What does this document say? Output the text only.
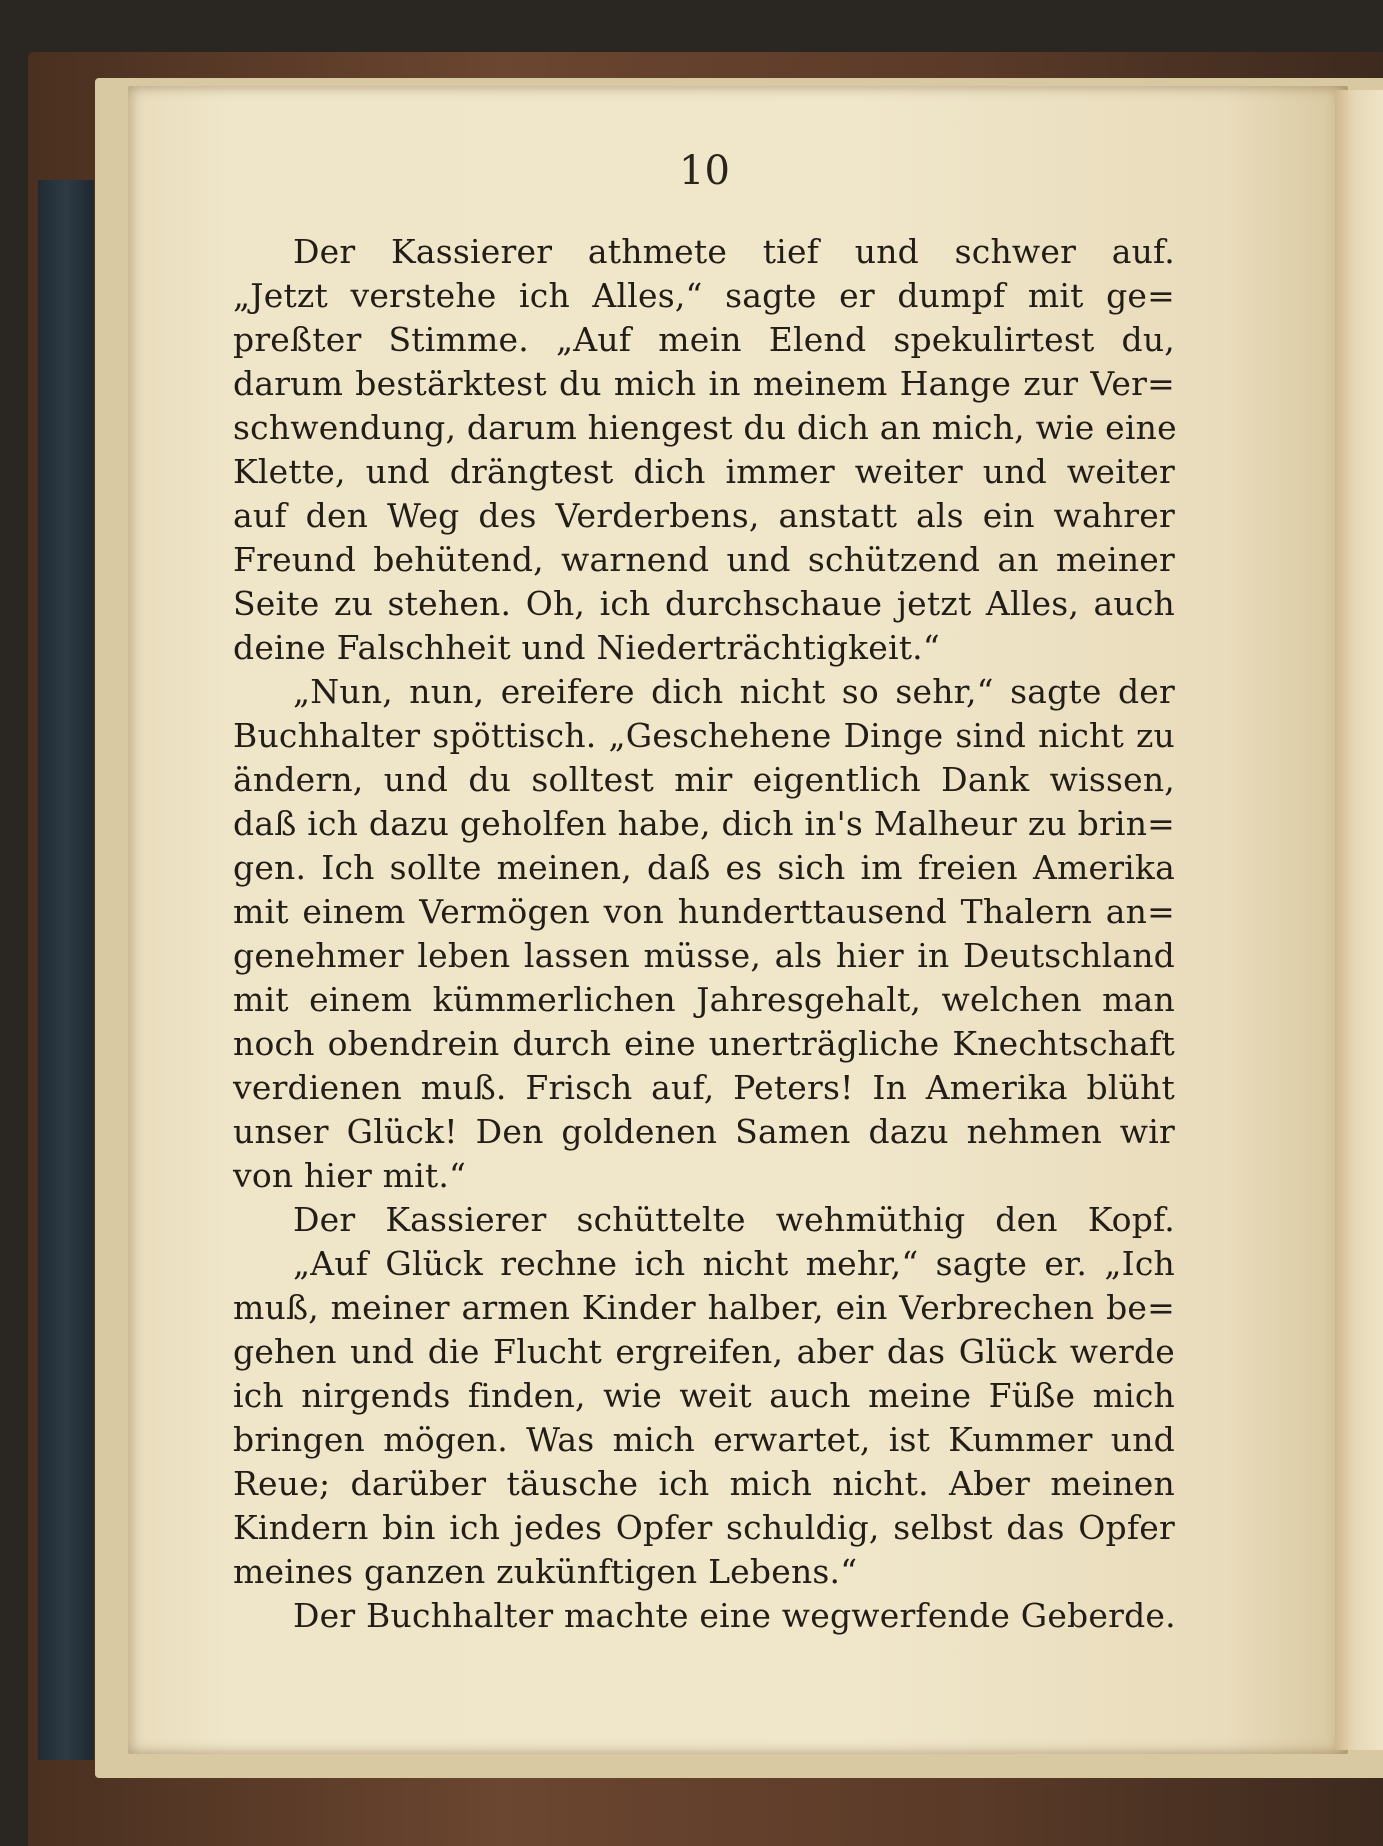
10
Der Kassierer athmete tief und schwer auf.
„Jetzt verstehe ich Alles,“ sagte er dumpf mit ge=
preßter Stimme. „Auf mein Elend spekulirtest du,
darum bestärktest du mich in meinem Hange zur Ver=
schwendung, darum hiengest du dich an mich, wie eine
Klette, und drängtest dich immer weiter und weiter
auf den Weg des Verderbens, anstatt als ein wahrer
Freund behütend, warnend und schützend an meiner
Seite zu stehen. Oh, ich durchschaue jetzt Alles, auch
deine Falschheit und Niederträchtigkeit.“
„Nun, nun, ereifere dich nicht so sehr,“ sagte der
Buchhalter spöttisch. „Geschehene Dinge sind nicht zu
ändern, und du solltest mir eigentlich Dank wissen,
daß ich dazu geholfen habe, dich in's Malheur zu brin=
gen. Ich sollte meinen, daß es sich im freien Amerika
mit einem Vermögen von hunderttausend Thalern an=
genehmer leben lassen müsse, als hier in Deutschland
mit einem kümmerlichen Jahresgehalt, welchen man
noch obendrein durch eine unerträgliche Knechtschaft
verdienen muß. Frisch auf, Peters! In Amerika blüht
unser Glück! Den goldenen Samen dazu nehmen wir
von hier mit.“
Der Kassierer schüttelte wehmüthig den Kopf.
„Auf Glück rechne ich nicht mehr,“ sagte er. „Ich
muß, meiner armen Kinder halber, ein Verbrechen be=
gehen und die Flucht ergreifen, aber das Glück werde
ich nirgends finden, wie weit auch meine Füße mich
bringen mögen. Was mich erwartet, ist Kummer und
Reue; darüber täusche ich mich nicht. Aber meinen
Kindern bin ich jedes Opfer schuldig, selbst das Opfer
meines ganzen zukünftigen Lebens.“
Der Buchhalter machte eine wegwerfende Geberde.
